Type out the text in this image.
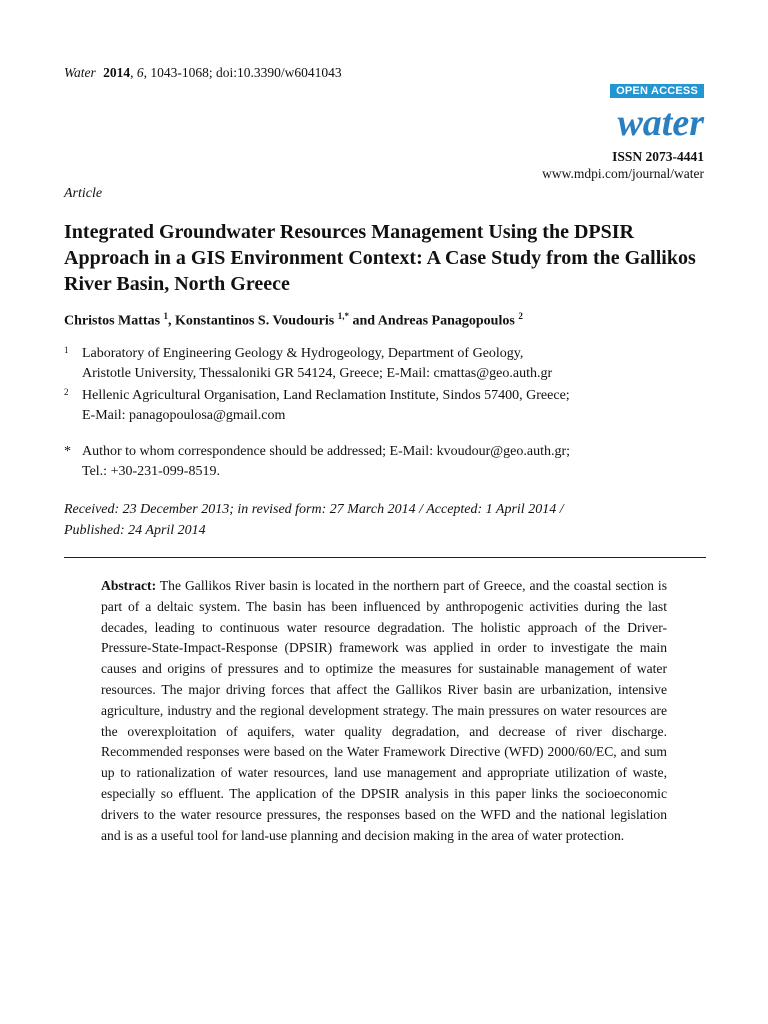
Water 2014, 6, 1043-1068; doi:10.3390/w6041043
OPEN ACCESS
water
ISSN 2073-4441
www.mdpi.com/journal/water
Article
Integrated Groundwater Resources Management Using the DPSIR Approach in a GIS Environment Context: A Case Study from the Gallikos River Basin, North Greece
Christos Mattas $^1$, Konstantinos S. Voudouris $^{1,*}$ and Andreas Panagopoulos $^2$
1 Laboratory of Engineering Geology & Hydrogeology, Department of Geology,
Aristotle University, Thessaloniki GR 54124, Greece; E-Mail: cmattas@geo.auth.gr
2 Hellenic Agricultural Organisation, Land Reclamation Institute, Sindos 57400, Greece;
E-Mail: panagopoulosa@gmail.com
* Author to whom correspondence should be addressed; E-Mail: kvoudour@geo.auth.gr;
Tel.: +30-231-099-8519.
Received: 23 December 2013; in revised form: 27 March 2014 / Accepted: 1 April 2014 /
Published: 24 April 2014
Abstract: The Gallikos River basin is located in the northern part of Greece, and the coastal section is part of a deltaic system. The basin has been influenced by anthropogenic activities during the last decades, leading to continuous water resource degradation. The holistic approach of the Driver-Pressure-State-Impact-Response (DPSIR) framework was applied in order to investigate the main causes and origins of pressures and to optimize the measures for sustainable management of water resources. The major driving forces that affect the Gallikos River basin are urbanization, intensive agriculture, industry and the regional development strategy. The main pressures on water resources are the overexploitation of aquifers, water quality degradation, and decrease of river discharge. Recommended responses were based on the Water Framework Directive (WFD) 2000/60/EC, and sum up to rationalization of water resources, land use management and appropriate utilization of waste, especially so effluent. The application of the DPSIR analysis in this paper links the socioeconomic drivers to the water resource pressures, the responses based on the WFD and the national legislation and is as a useful tool for land-use planning and decision making in the area of water protection.
